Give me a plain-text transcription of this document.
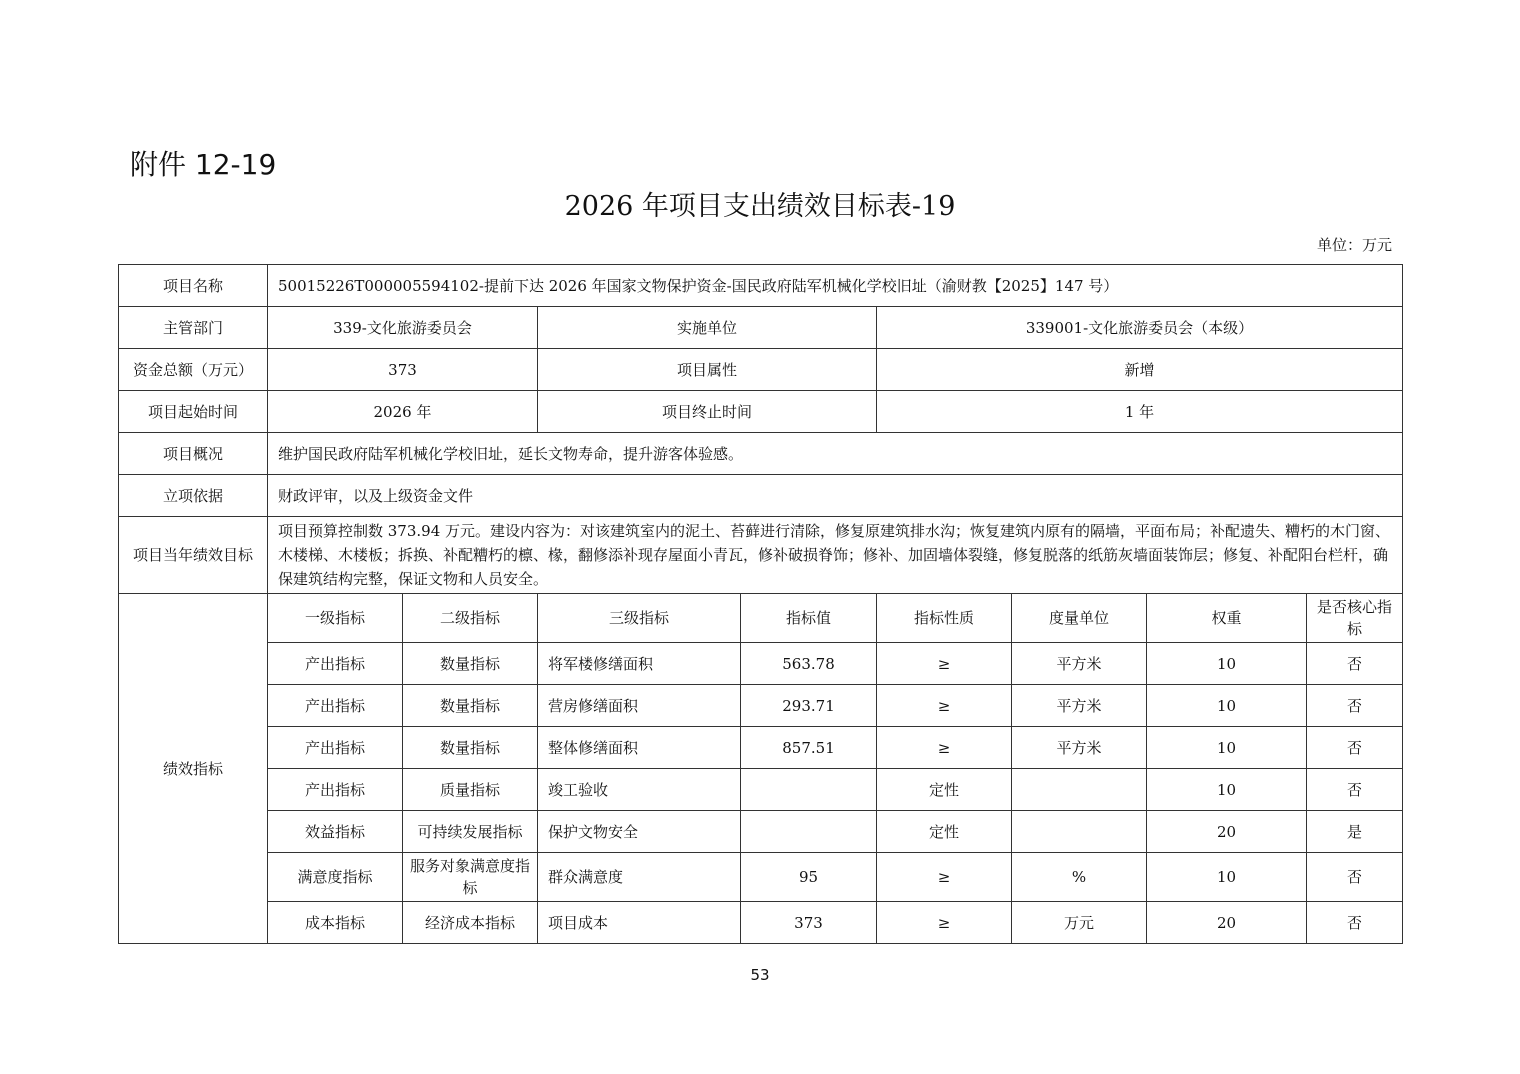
附件 12-19
2026 年项目支出绩效目标表-19
单位：万元
项目名称	50015226T000005594102-提前下达 2026 年国家文物保护资金-国民政府陆军机械化学校旧址（渝财教【2025】147 号）							
主管部门	339-文化旅游委员会		实施单位		339001-文化旅游委员会（本级）			
资金总额（万元）	373		项目属性		新增			
项目起始时间	2026 年		项目终止时间		1 年			
项目概况	维护国民政府陆军机械化学校旧址，延长文物寿命，提升游客体验感。							
立项依据	财政评审，以及上级资金文件							
项目当年绩效目标	项目预算控制数 373.94 万元。建设内容为：对该建筑室内的泥土、苔藓进行清除，修复原建筑排水沟；恢复建筑内原有的隔墙，平面布局；补配遗失、糟朽的木门窗、木楼梯、木楼板；拆换、补配糟朽的檩、椽，翻修添补现存屋面小青瓦，修补破损脊饰；修补、加固墙体裂缝，修复脱落的纸筋灰墙面装饰层；修复、补配阳台栏杆，确保建筑结构完整，保证文物和人员安全。							
绩效指标	一级指标	二级指标	三级指标	指标值	指标性质	度量单位	权重	是否核心指标
	产出指标	数量指标	将军楼修缮面积	563.78	≥	平方米	10	否
	产出指标	数量指标	营房修缮面积	293.71	≥	平方米	10	否
	产出指标	数量指标	整体修缮面积	857.51	≥	平方米	10	否
	产出指标	质量指标	竣工验收		定性		10	否
	效益指标	可持续发展指标	保护文物安全		定性		20	是
	满意度指标	服务对象满意度指标	群众满意度	95	≥	%	10	否
	成本指标	经济成本指标	项目成本	373	≥	万元	20	否
53
